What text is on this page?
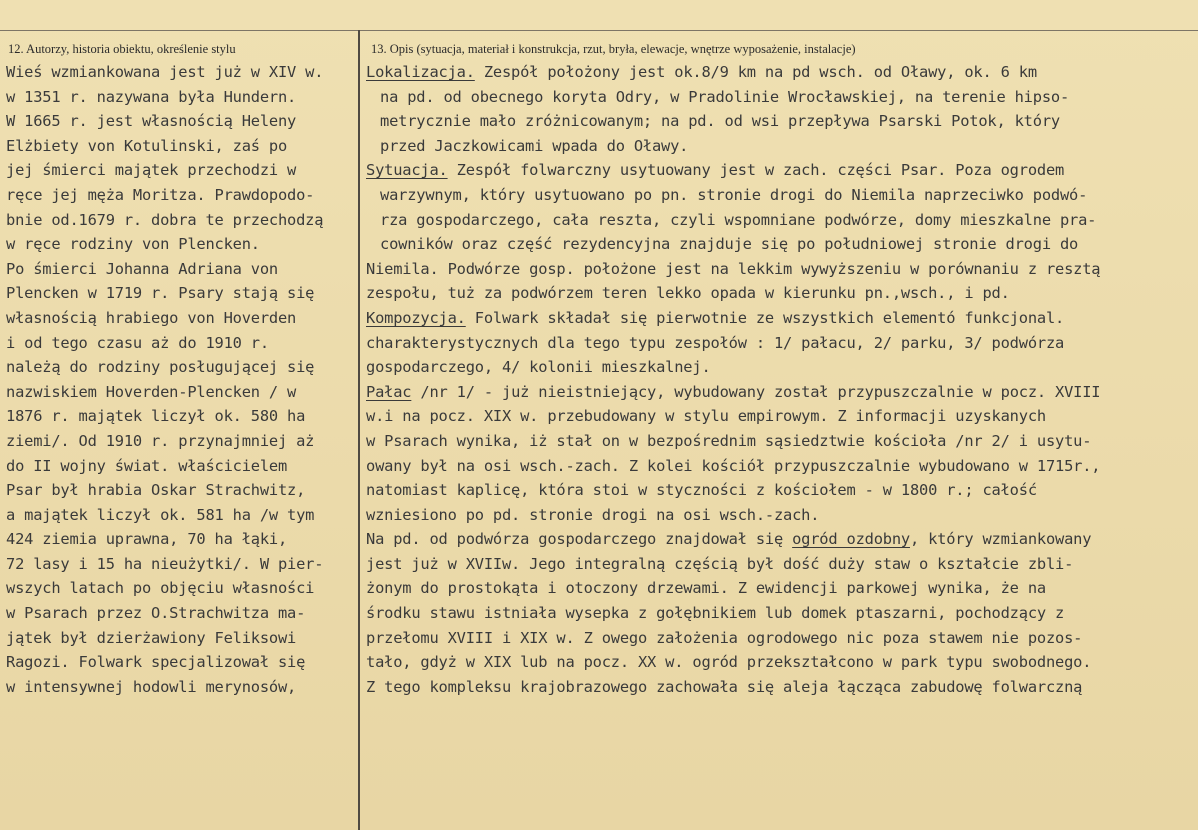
12. Autorzy, historia obiektu, określenie stylu	13. Opis (sytuacja, materiał i konstrukcja, rzut, bryła, elewacje, wnętrze wyposażenie, instalacje)
Wieś wzmiankowana jest już w XIV w.
w 1351 r. nazywana była Hundern.
W 1665 r. jest własnością Heleny
Elżbiety von Kotulinski, zaś po
jej śmierci majątek przechodzi w
ręce jej męża Moritza. Prawdopodo-
bnie od.1679 r. dobra te przechodzą
w ręce rodziny von Plencken.
Po śmierci Johanna Adriana von
Plencken w 1719 r. Psary stają się
własnością hrabiego von Hoverden
i od tego czasu aż do 1910 r.
należą do rodziny posługującej się
nazwiskiem Hoverden-Plencken / w
1876 r. majątek liczył ok. 580 ha
ziemi/. Od 1910 r. przynajmniej aż
do II wojny świat. właścicielem
Psar był hrabia Oskar Strachwitz,
a majątek liczył ok. 581 ha /w tym
424 ziemia uprawna, 70 ha łąki,
72 lasy i 15 ha nieużytki/. W pier-
wszych latach po objęciu własności
w Psarach przez O.Strachwitza ma-
jątek był dzierżawiony Feliksowi
Ragozi. Folwark specjalizował się
w intensywnej hodowli merynosów,
Lokalizacja. Zespół położony jest ok.8/9 km na pd wsch. od Oławy, ok. 6 km
na pd. od obecnego koryta Odry, w Pradolinie Wrocławskiej, na terenie hipso-
metrycznie mało zróżnicowanym; na pd. od wsi przepływa Psarski Potok, który
przed Jaczkowicami wpada do Oławy.
Sytuacja. Zespół folwarczny usytuowany jest w zach. części Psar. Poza ogrodem
warzywnym, który usytuowano po pn. stronie drogi do Niemila naprzeciwko podwó-
rza gospodarczego, cała reszta, czyli wspomniane podwórze, domy mieszkalne pra-
cowników oraz część rezydencyjna znajduje się po południowej stronie drogi do
Niemila. Podwórze gosp. położone jest na lekkim wywyższeniu w porównaniu z resztą
zespołu, tuż za podwórzem teren lekko opada w kierunku pn.,wsch., i pd.
Kompozycja. Folwark składał się pierwotnie ze wszystkich elementó funkcjonal.
charakterystycznych dla tego typu zespołów : 1/ pałacu, 2/ parku, 3/ podwórza
gospodarczego, 4/ kolonii mieszkalnej.
Pałac /nr 1/ - już nieistniejący, wybudowany został przypuszczalnie w pocz. XVIII
w.i na pocz. XIX w. przebudowany w stylu empirowym. Z informacji uzyskanych
w Psarach wynika, iż stał on w bezpośrednim sąsiedztwie kościoła /nr 2/ i usytu-
owany był na osi wsch.-zach. Z kolei kościół przypuszczalnie wybudowano w 1715r.,
natomiast kaplicę, która stoi w styczności z kościołem - w 1800 r.; całość
wzniesiono po pd. stronie drogi na osi wsch.-zach.
Na pd. od podwórza gospodarczego znajdował się ogród ozdobny, który wzmiankowany
jest już w XVIIw. Jego integralną częścią był dość duży staw o kształcie zbli-
żonym do prostokąta i otoczony drzewami. Z ewidencji parkowej wynika, że na
środku stawu istniała wysepka z gołębnikiem lub domek ptaszarni, pochodzący z
przełomu XVIII i XIX w. Z owego założenia ogrodowego nic poza stawem nie pozos-
tało, gdyż w XIX lub na pocz. XX w. ogród przekształcono w park typu swobodnego.
Z tego kompleksu krajobrazowego zachowała się aleja łącząca zabudowę folwarczną
